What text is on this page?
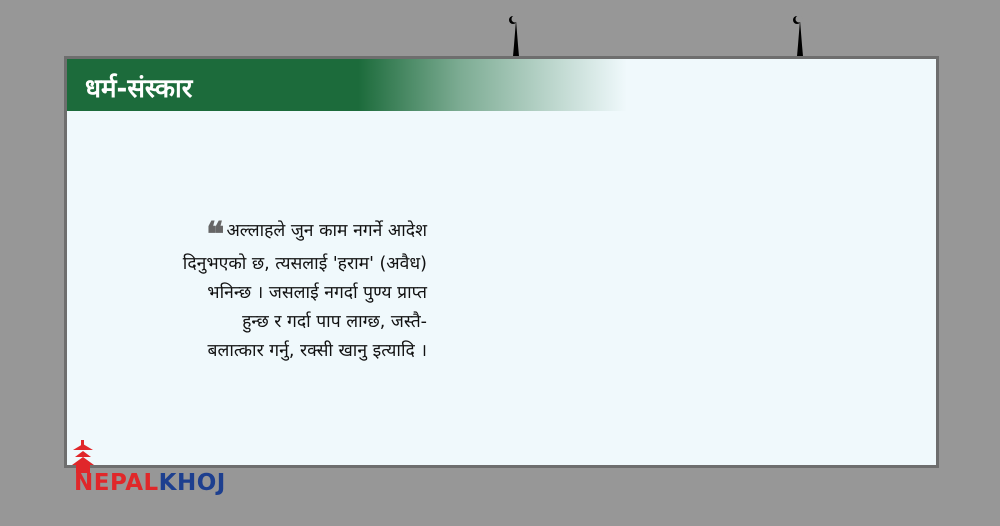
धर्म-संस्कार
❝ अल्लाहले जुन काम नगर्ने आदेश
दिनुभएको छ, त्यसलाई 'हराम' (अवैध)
भनिन्छ । जसलाई नगर्दा पुण्य प्राप्त
हुन्छ र गर्दा पाप लाग्छ, जस्तै-
बलात्कार गर्नु, रक्सी खानु इत्यादि ।
NEPALKHOJ
